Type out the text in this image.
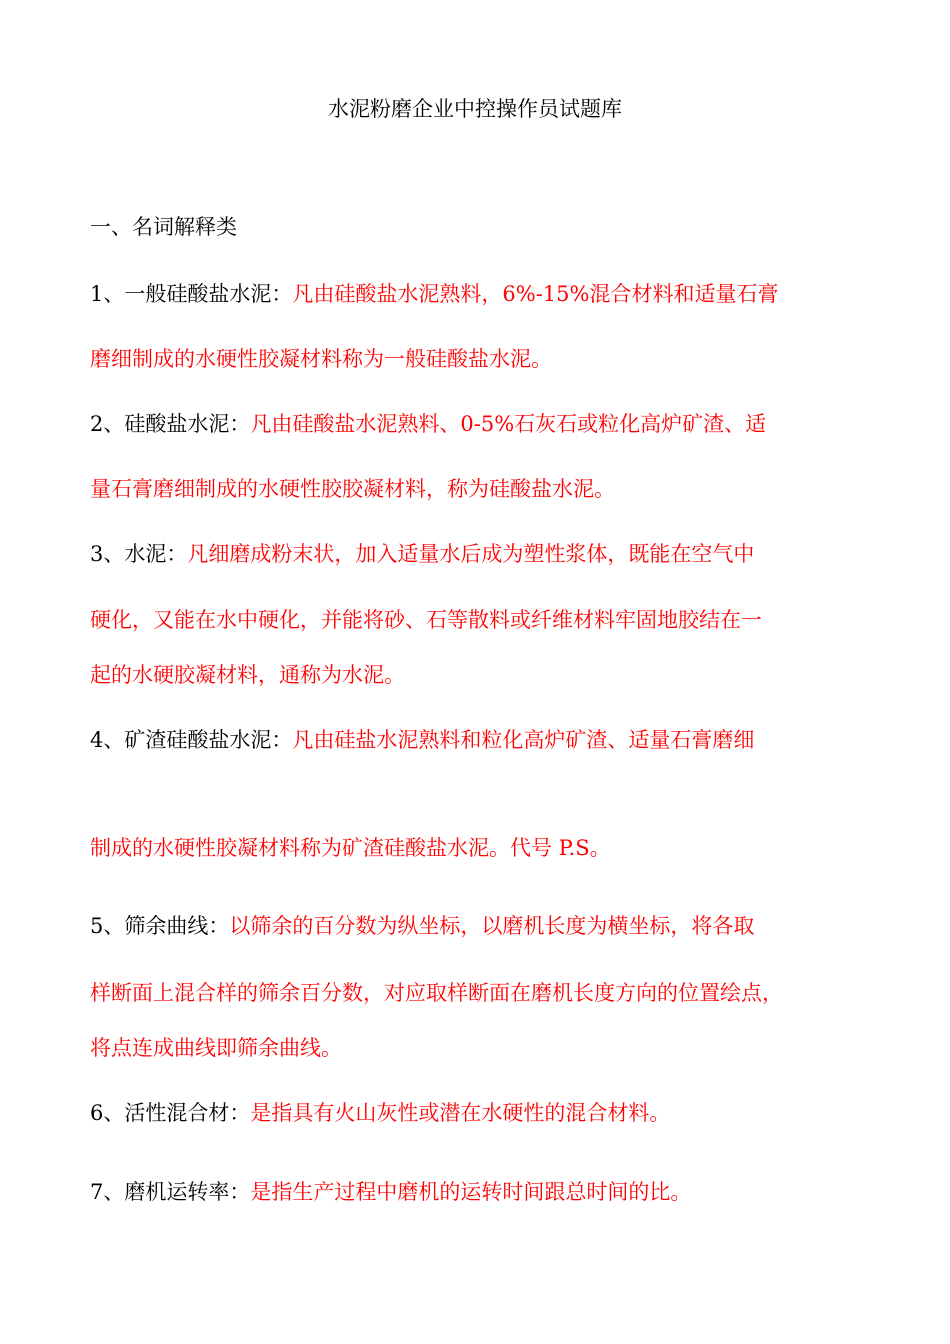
水泥粉磨企业中控操作员试题库
一、名词解释类
1、一般硅酸盐水泥：凡由硅酸盐水泥熟料，6%-15%混合材料和适量石膏
磨细制成的水硬性胶凝材料称为一般硅酸盐水泥。
2、硅酸盐水泥：凡由硅酸盐水泥熟料、0-5%石灰石或粒化高炉矿渣、适
量石膏磨细制成的水硬性胶胶凝材料，称为硅酸盐水泥。
3、水泥：凡细磨成粉末状，加入适量水后成为塑性浆体，既能在空气中
硬化，又能在水中硬化，并能将砂、石等散料或纤维材料牢固地胶结在一
起的水硬胶凝材料，通称为水泥。
4、矿渣硅酸盐水泥：凡由硅盐水泥熟料和粒化高炉矿渣、适量石膏磨细
制成的水硬性胶凝材料称为矿渣硅酸盐水泥。代号 P.S。
5、筛余曲线：以筛余的百分数为纵坐标，以磨机长度为横坐标，将各取
样断面上混合样的筛余百分数，对应取样断面在磨机长度方向的位置绘点，
将点连成曲线即筛余曲线。
6、活性混合材：是指具有火山灰性或潜在水硬性的混合材料。
7、磨机运转率：是指生产过程中磨机的运转时间跟总时间的比。
